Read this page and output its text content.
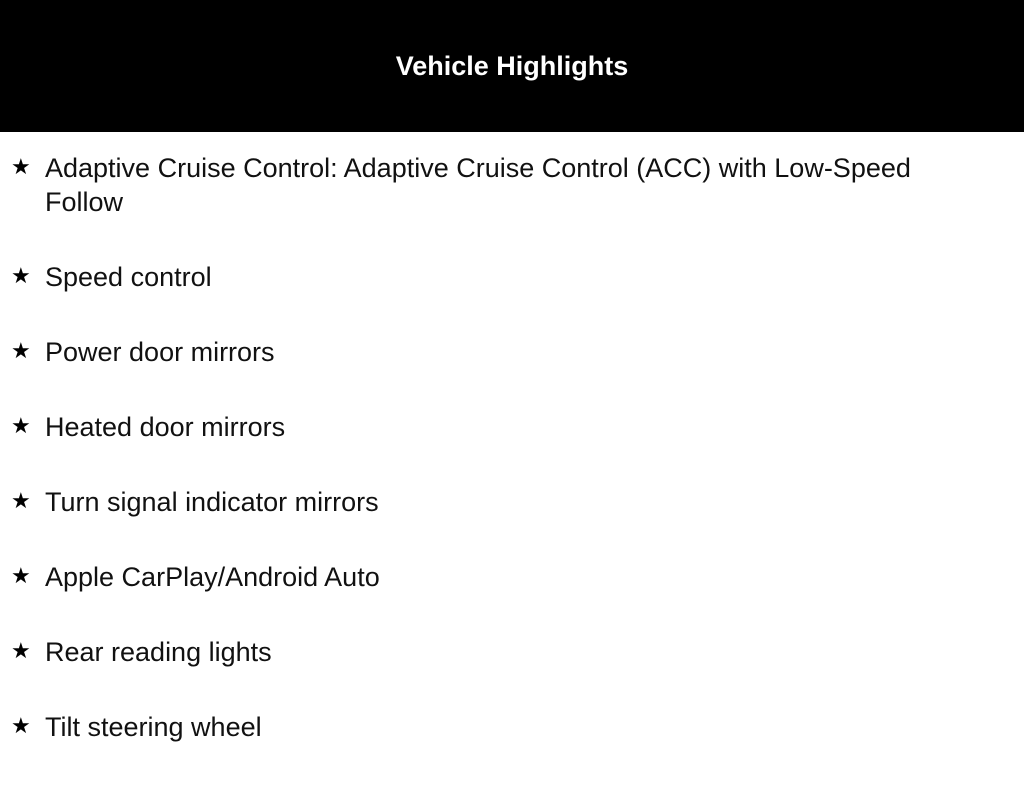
Vehicle Highlights
★ Adaptive Cruise Control: Adaptive Cruise Control (ACC) with Low-Speed Follow
★ Speed control
★ Power door mirrors
★ Heated door mirrors
★ Turn signal indicator mirrors
★ Apple CarPlay/Android Auto
★ Rear reading lights
★ Tilt steering wheel
